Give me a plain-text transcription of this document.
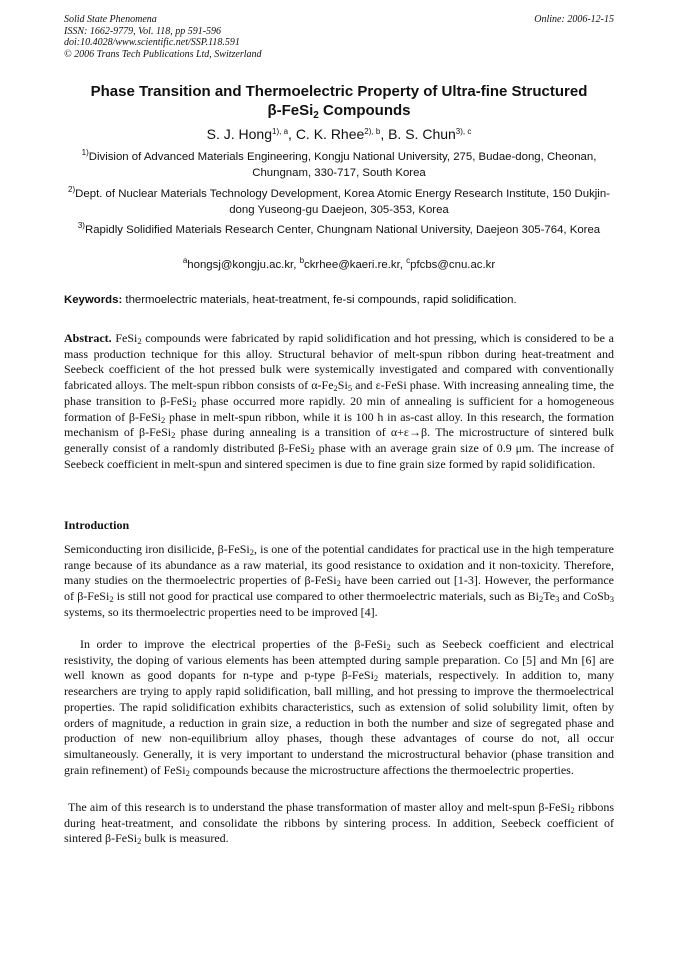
Solid State Phenomena
ISSN: 1662-9779, Vol. 118, pp 591-596
doi:10.4028/www.scientific.net/SSP.118.591
© 2006 Trans Tech Publications Ltd, Switzerland
Online: 2006-12-15
Phase Transition and Thermoelectric Property of Ultra-fine Structured
β-FeSi$_2$ Compounds
S. J. Hong$^{1), a}$, C. K. Rhee$^{2), b}$, B. S. Chun$^{3), c}$
$^{1)}$Division of Advanced Materials Engineering, Kongju National University, 275, Budae-dong, Cheonan, Chungnam, 330-717, South Korea
$^{2)}$Dept. of Nuclear Materials Technology Development, Korea Atomic Energy Research Institute, 150 Dukjin-dong Yuseong-gu Daejeon, 305-353, Korea
$^{3)}$Rapidly Solidified Materials Research Center, Chungnam National University, Daejeon 305-764, Korea
$^a$hongsj@kongju.ac.kr, $^b$ckrhee@kaeri.re.kr, $^c$pfcbs@cnu.ac.kr
Keywords: thermoelectric materials, heat-treatment, fe-si compounds, rapid solidification.
Abstract. FeSi$_2$ compounds were fabricated by rapid solidification and hot pressing, which is considered to be a mass production technique for this alloy. Structural behavior of melt-spun ribbon during heat-treatment and Seebeck coefficient of the hot pressed bulk were systemically investigated and compared with conventionally fabricated alloys. The melt-spun ribbon consists of $\alpha-Fe_2Si_5$ and ε-FeSi phase. With increasing annealing time, the phase transition to β-FeSi$_2$ phase occurred more rapidly. 20 min of annealing is sufficient for a homogeneous formation of β-FeSi$_2$ phase in melt-spun ribbon, while it is 100 h in as-cast alloy. In this research, the formation mechanism of β-FeSi$_2$ phase during annealing is a transition of α+ε→β. The microstructure of sintered bulk generally consist of a randomly distributed β-FeSi$_2$ phase with an average grain size of 0.9 μm. The increase of Seebeck coefficient in melt-spun and sintered specimen is due to fine grain size formed by rapid solidification.
Introduction
Semiconducting iron disilicide, β-FeSi$_2$, is one of the potential candidates for practical use in the high temperature range because of its abundance as a raw material, its good resistance to oxidation and it non-toxicity. Therefore, many studies on the thermoelectric properties of β-FeSi$_2$ have been carried out [1-3]. However, the performance of β-FeSi$_2$ is still not good for practical use compared to other thermoelectric materials, such as $Bi_2Te_3$ and CoSb$_3$ systems, so its thermoelectric properties need to be improved [4].
In order to improve the electrical properties of the β-FeSi$_2$ such as Seebeck coefficient and electrical resistivity, the doping of various elements has been attempted during sample preparation. Co [5] and Mn [6] are well known as good dopants for n-type and p-type β-FeSi$_2$ materials, respectively. In addition to, many researchers are trying to apply rapid solidification, ball milling, and hot pressing to improve the thermoelectrical properties. The rapid solidification exhibits characteristics, such as extension of solid solubility limit, often by orders of magnitude, a reduction in grain size, a reduction in both the number and size of segregated phase and production of new non-equilibrium alloy phases, though these advantages of course do not, all occur simultaneously. Generally, it is very important to understand the microstructural behavior (phase transition and grain refinement) of FeSi$_2$ compounds because the microstructure affections the thermoelectric properties.
The aim of this research is to understand the phase transformation of master alloy and melt-spun β-FeSi$_2$ ribbons during heat-treatment, and consolidate the ribbons by sintering process. In addition, Seebeck coefficient of sintered β-FeSi$_2$ bulk is measured.
